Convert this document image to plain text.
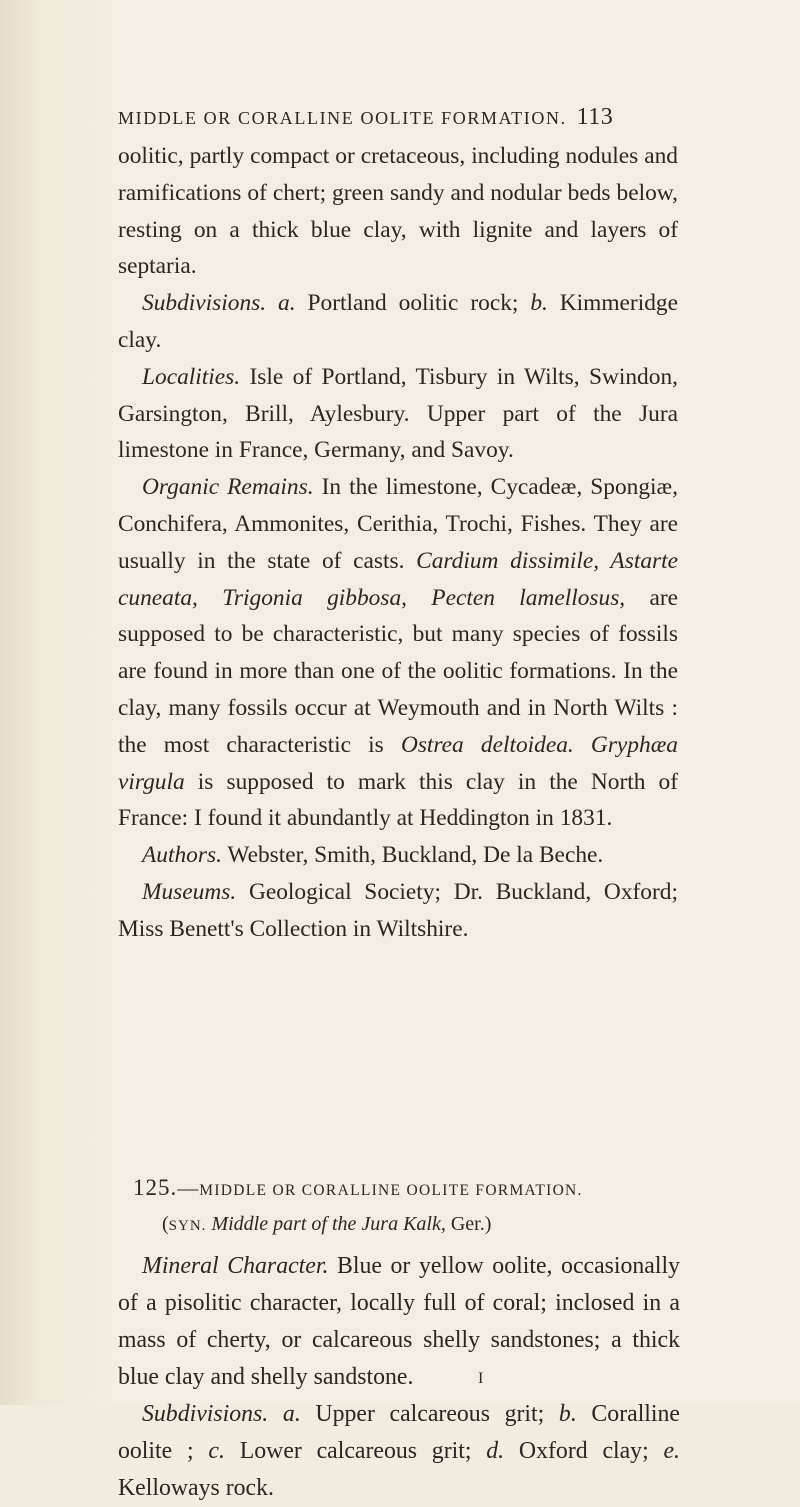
MIDDLE OR CORALLINE OOLITE FORMATION. 113

oolitic, partly compact or cretaceous, including nodules and ramifications of chert; green sandy and nodular beds below, resting on a thick blue clay, with lignite and layers of septaria.

Subdivisions. a. Portland oolitic rock; b. Kimmeridge clay.

Localities. Isle of Portland, Tisbury in Wilts, Swindon, Garsington, Brill, Aylesbury. Upper part of the Jura limestone in France, Germany, and Savoy.

Organic Remains. In the limestone, Cycadeæ, Spongiæ, Conchifera, Ammonites, Cerithia, Trochi, Fishes. They are usually in the state of casts. Cardium dissimile, Astarte cuneata, Trigonia gibbosa, Pecten lamellosus, are supposed to be characteristic, but many species of fossils are found in more than one of the oolitic formations. In the clay, many fossils occur at Weymouth and in North Wilts : the most characteristic is Ostrea deltoidea. Gryphæa virgula is supposed to mark this clay in the North of France: I found it abundantly at Heddington in 1831.

Authors. Webster, Smith, Buckland, De la Beche.

Museums. Geological Society; Dr. Buckland, Oxford; Miss Benett's Collection in Wiltshire.

125.—MIDDLE OR CORALLINE OOLITE FORMATION.
(SYN. Middle part of the Jura Kalk, Ger.)

Mineral Character. Blue or yellow oolite, occasionally of a pisolitic character, locally full of coral; inclosed in a mass of cherty, or calcareous shelly sandstones; a thick blue clay and shelly sandstone.

Subdivisions. a. Upper calcareous grit; b. Coralline oolite ; c. Lower calcareous grit; d. Oxford clay; e. Kelloways rock.

I
